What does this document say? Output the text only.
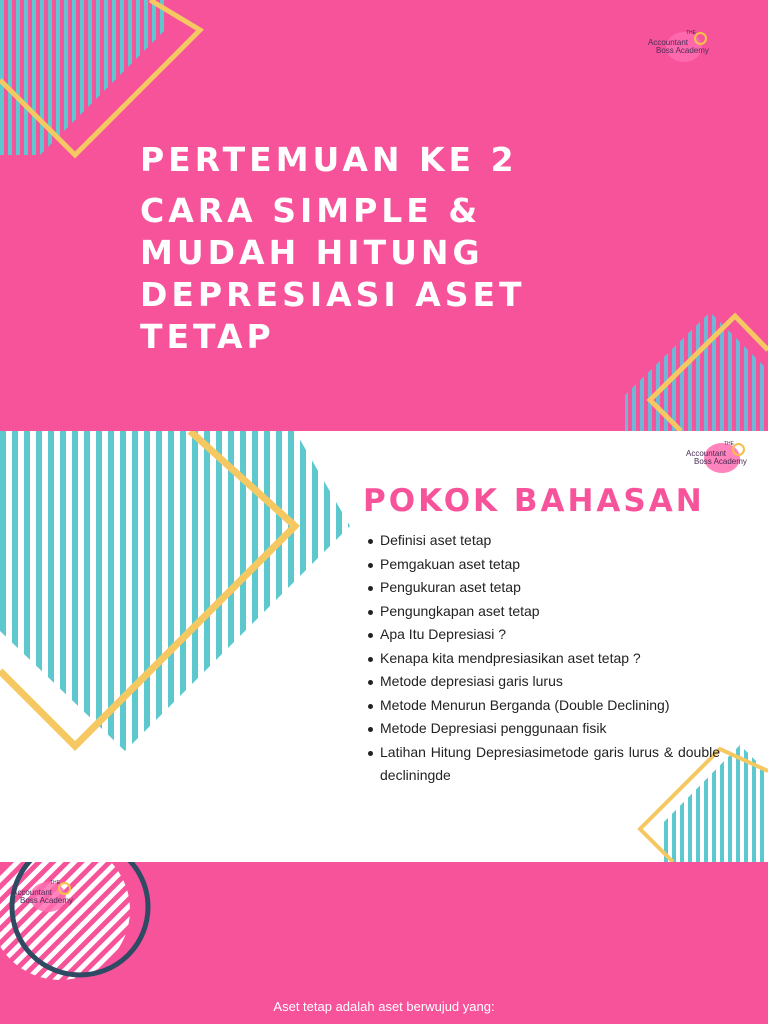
THE
Accountant
Boss Academy
PERTEMUAN KE 2
CARA SIMPLE & MUDAH HITUNG DEPRESIASI ASET TETAP
THE
Accountant
Boss Academy
POKOK BAHASAN
Definisi aset tetap
Pemgakuan aset tetap
Pengukuran aset tetap
Pengungkapan aset tetap
Apa Itu Depresiasi ?
Kenapa kita mendpresiasikan aset tetap ?
Metode depresiasi garis lurus
Metode Menurun Berganda (Double Declining)
Metode Depresiasi penggunaan fisik
Latihan Hitung Depresiasimetode garis lurus & double decliningde
THE
Accountant
Boss Academy

Aset tetap adalah aset berwujud yang:
